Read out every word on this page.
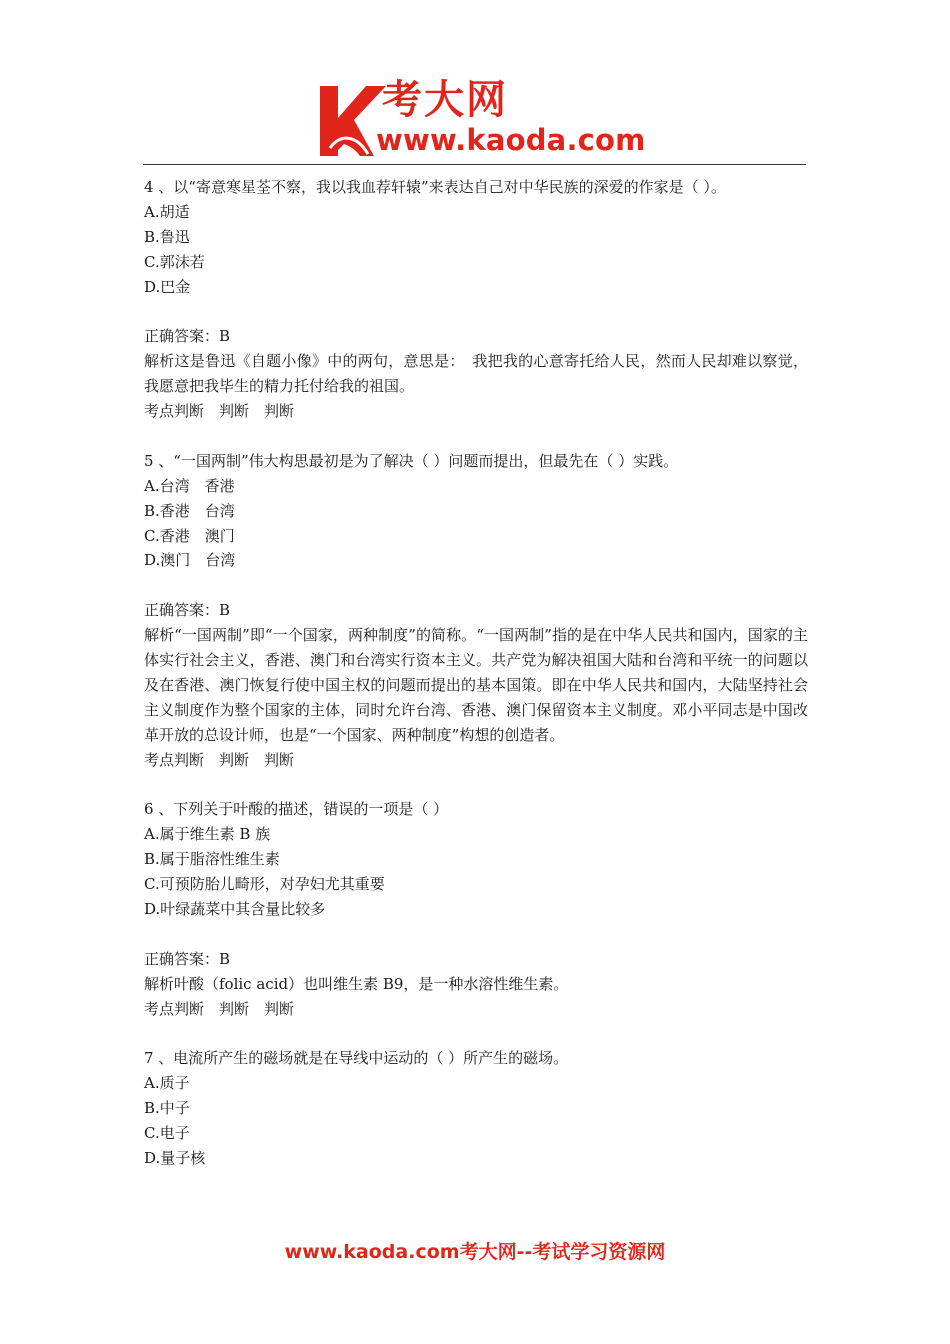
考大网
www.kaoda.com

4 、以“寄意寒星荃不察，我以我血荐轩辕”来表达自己对中华民族的深爱的作家是（ ）。

A.胡适

B.鲁迅

C.郭沫若

D.巴金

正确答案：B

解析这是鲁迅《自题小像》中的两句，意思是：　我把我的心意寄托给人民，然而人民却难以察觉，我愿意把我毕生的精力托付给我的祖国。

考点判断　判断　判断

5 、“一国两制”伟大构思最初是为了解决（ ）问题而提出，但最先在（ ）实践。

A.台湾　香港

B.香港　台湾

C.香港　澳门

D.澳门　台湾

正确答案：B

解析“一国两制”即“一个国家，两种制度”的简称。“一国两制”指的是在中华人民共和国内，国家的主体实行社会主义，香港、澳门和台湾实行资本主义。共产党为解决祖国大陆和台湾和平统一的问题以及在香港、澳门恢复行使中国主权的问题而提出的基本国策。即在中华人民共和国内，大陆坚持社会主义制度作为整个国家的主体，同时允许台湾、香港、澳门保留资本主义制度。邓小平同志是中国改革开放的总设计师，也是“一个国家、两种制度”构想的创造者。

考点判断　判断　判断

6 、下列关于叶酸的描述，错误的一项是（ ）

A.属于维生素 B 族

B.属于脂溶性维生素

C.可预防胎儿畸形，对孕妇尤其重要

D.叶绿蔬菜中其含量比较多

正确答案：B

解析叶酸（folic acid）也叫维生素 B9，是一种水溶性维生素。

考点判断　判断　判断

7 、电流所产生的磁场就是在导线中运动的（ ）所产生的磁场。

A.质子

B.中子

C.电子

D.量子核

www.kaoda.com考大网--考试学习资源网
